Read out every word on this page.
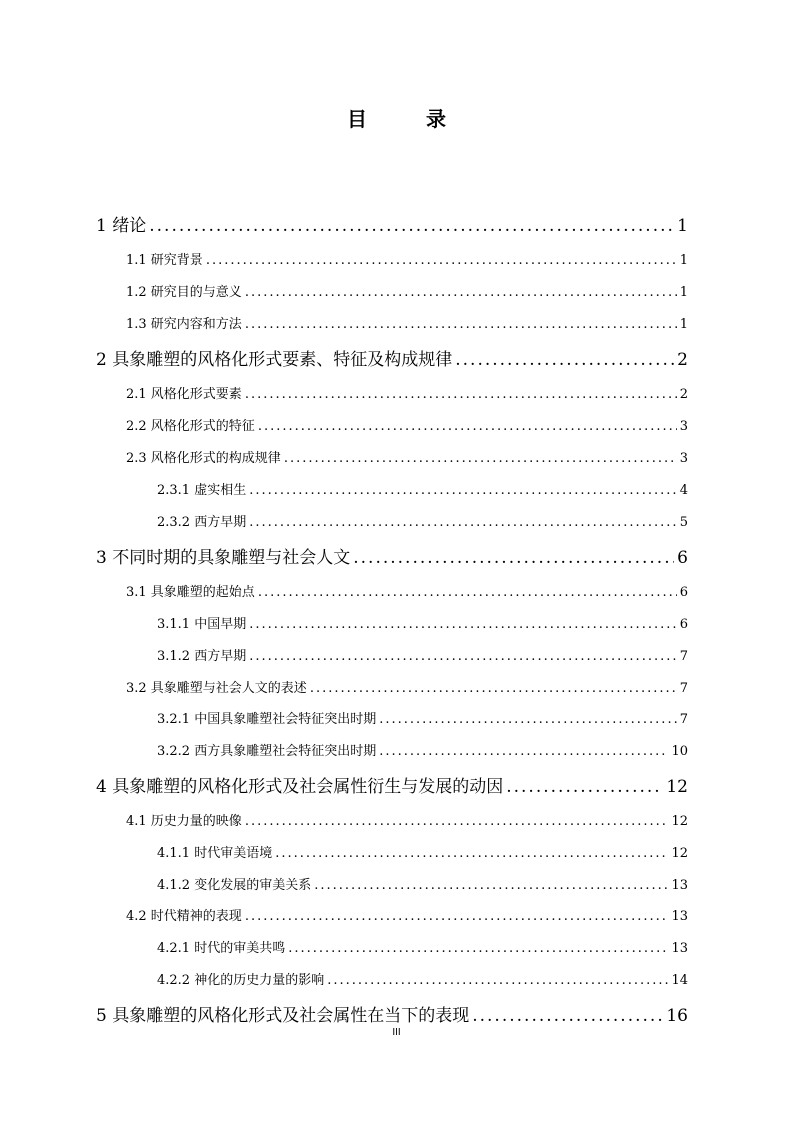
目 录
1 绪论 .....	1
1.1 研究背景 .....	1
1.2 研究目的与意义 .....	1
1.3 研究内容和方法 .....	1
2 具象雕塑的风格化形式要素、特征及构成规律 .....	2
2.1 风格化形式要素 .....	2
2.2 风格化形式的特征 .....	3
2.3 风格化形式的构成规律 .....	3
2.3.1 虚实相生 .....	4
2.3.2 西方早期 .....	5
3 不同时期的具象雕塑与社会人文 .....	6
3.1 具象雕塑的起始点 .....	6
3.1.1 中国早期 .....	6
3.1.2 西方早期 .....	7
3.2 具象雕塑与社会人文的表述 .....	7
3.2.1 中国具象雕塑社会特征突出时期 .....	7
3.2.2 西方具象雕塑社会特征突出时期 .....	10
4 具象雕塑的风格化形式及社会属性衍生与发展的动因 .....	12
4.1 历史力量的映像 .....	12
4.1.1 时代审美语境 .....	12
4.1.2 变化发展的审美关系 .....	13
4.2 时代精神的表现 .....	13
4.2.1 时代的审美共鸣 .....	13
4.2.2 神化的历史力量的影响 .....	14
5 具象雕塑的风格化形式及社会属性在当下的表现 .....	16
III
